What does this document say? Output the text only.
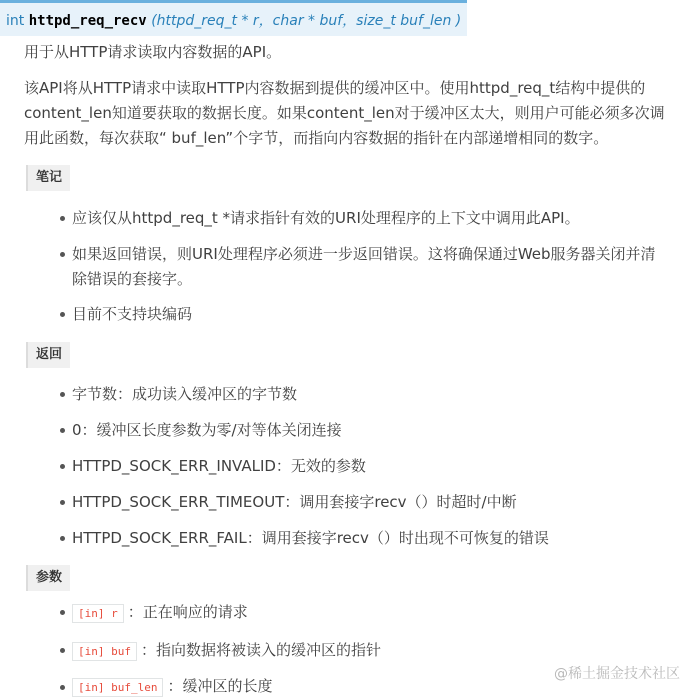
int httpd_req_recv (httpd_req_t * r，char * buf，size_t buf_len )

用于从HTTP请求读取内容数据的API。

该API将从HTTP请求中读取HTTP内容数据到提供的缓冲区中。使用httpd_req_t结构中提供的

content_len知道要获取的数据长度。如果content_len对于缓冲区太大，则用户可能必须多次调

用此函数，每次获取“ buf_len”个字节，而指向内容数据的指针在内部递增相同的数字。

笔记
应该仅从httpd_req_t *请求指针有效的URI处理程序的上下文中调用此API。
如果返回错误，则URI处理程序必须进一步返回错误。这将确保通过Web服务器关闭并清
除错误的套接字。
目前不支持块编码
返回
字节数：成功读入缓冲区的字节数
0：缓冲区长度参数为零/对等体关闭连接
HTTPD_SOCK_ERR_INVALID：无效的参数
HTTPD_SOCK_ERR_TIMEOUT：调用套接字recv（）时超时/中断
HTTPD_SOCK_ERR_FAIL：调用套接字recv（）时出现不可恢复的错误
参数
[in] r ：正在响应的请求
[in] buf ：指向数据将被读入的缓冲区的指针
[in] buf_len ：缓冲区的长度
@稀土掘金技术社区
